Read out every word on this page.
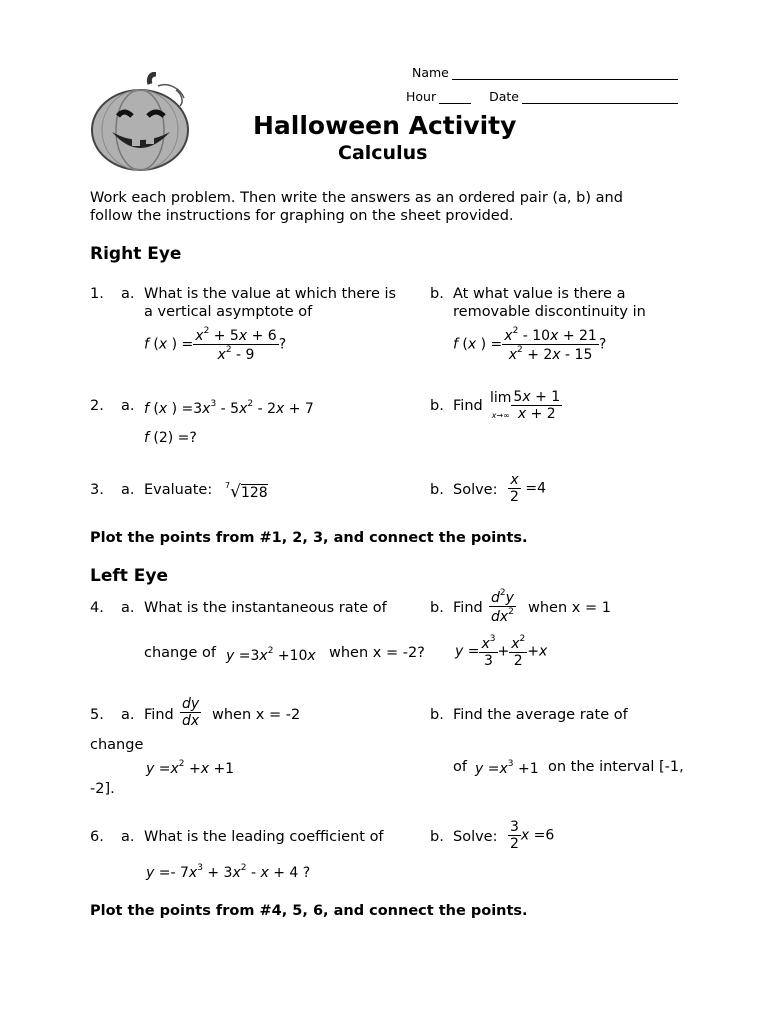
Name
Hour	Date
Halloween Activity
Calculus
Work each problem. Then write the answers as an ordered pair (a, b) and
follow the instructions for graphing on the sheet provided.
Right Eye
1. a. What is the value at which there is
a vertical asymptote of
f (x ) = $\frac{x^2 + 5x + 6}{x^2 - 9}$ ?
b. At what value is there a
removable discontinuity in
f (x ) = $\frac{x^2 - 10x + 21}{x^2 + 2x - 15}$ ?
2. a. f (x ) $=3x^3 - 5x^2 - 2x + 7$
f (2) =?
b. Find
lim
$x\to\infty \frac{5x + 1}{x + 2}$
3. a. Evaluate: $^7$√128	b. Solve: $\frac{x}{2} =4$
Plot the points from #1, 2, 3, and connect the points.
Left Eye
4. a. What is the instantaneous rate of
change of $y =3x^2 +10x$ when x = -2?
b. Find $\frac{d^2y}{dx^2}$ when x = 1
$y = \frac{x^3}{3} + \frac{x^2}{2} +x$
5. a. Find $\frac{dy}{dx}$ when x = -2
change
$y =x^2 +x +1$
b. Find the average rate of
of $y =x^3 +1$ on the interval [-1,
-2].
6. a. What is the leading coefficient of
$y =- 7x^3 + 3x^2 - x + 4$ ?
b. Solve: $\frac{3}{2}$ x =6
Plot the points from #4, 5, 6, and connect the points.
